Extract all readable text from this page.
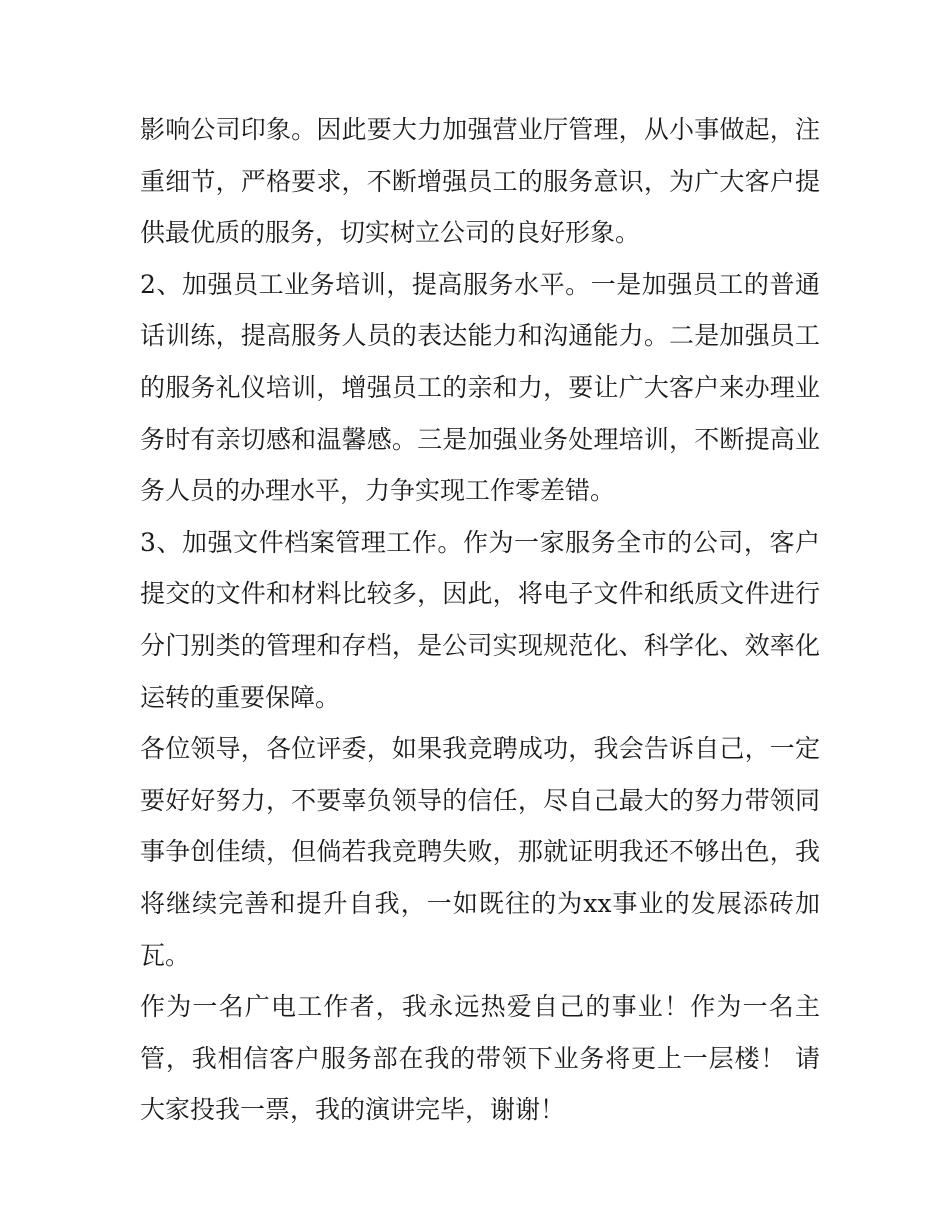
影响公司印象。因此要大力加强营业厅管理，从小事做起，注
重细节，严格要求，不断增强员工的服务意识，为广大客户提
供最优质的服务，切实树立公司的良好形象。
2、加强员工业务培训，提高服务水平。一是加强员工的普通
话训练，提高服务人员的表达能力和沟通能力。二是加强员工
的服务礼仪培训，增强员工的亲和力，要让广大客户来办理业
务时有亲切感和温馨感。三是加强业务处理培训，不断提高业
务人员的办理水平，力争实现工作零差错。
3、加强文件档案管理工作。作为一家服务全市的公司，客户
提交的文件和材料比较多，因此，将电子文件和纸质文件进行
分门别类的管理和存档，是公司实现规范化、科学化、效率化
运转的重要保障。
各位领导，各位评委，如果我竞聘成功，我会告诉自己，一定
要好好努力，不要辜负领导的信任，尽自己最大的努力带领同
事争创佳绩，但倘若我竞聘失败，那就证明我还不够出色，我
将继续完善和提升自我，一如既往的为xx事业的发展添砖加
瓦。
作为一名广电工作者，我永远热爱自己的事业！作为一名主
管，我相信客户服务部在我的带领下业务将更上一层楼！ 请
大家投我一票，我的演讲完毕，谢谢！
